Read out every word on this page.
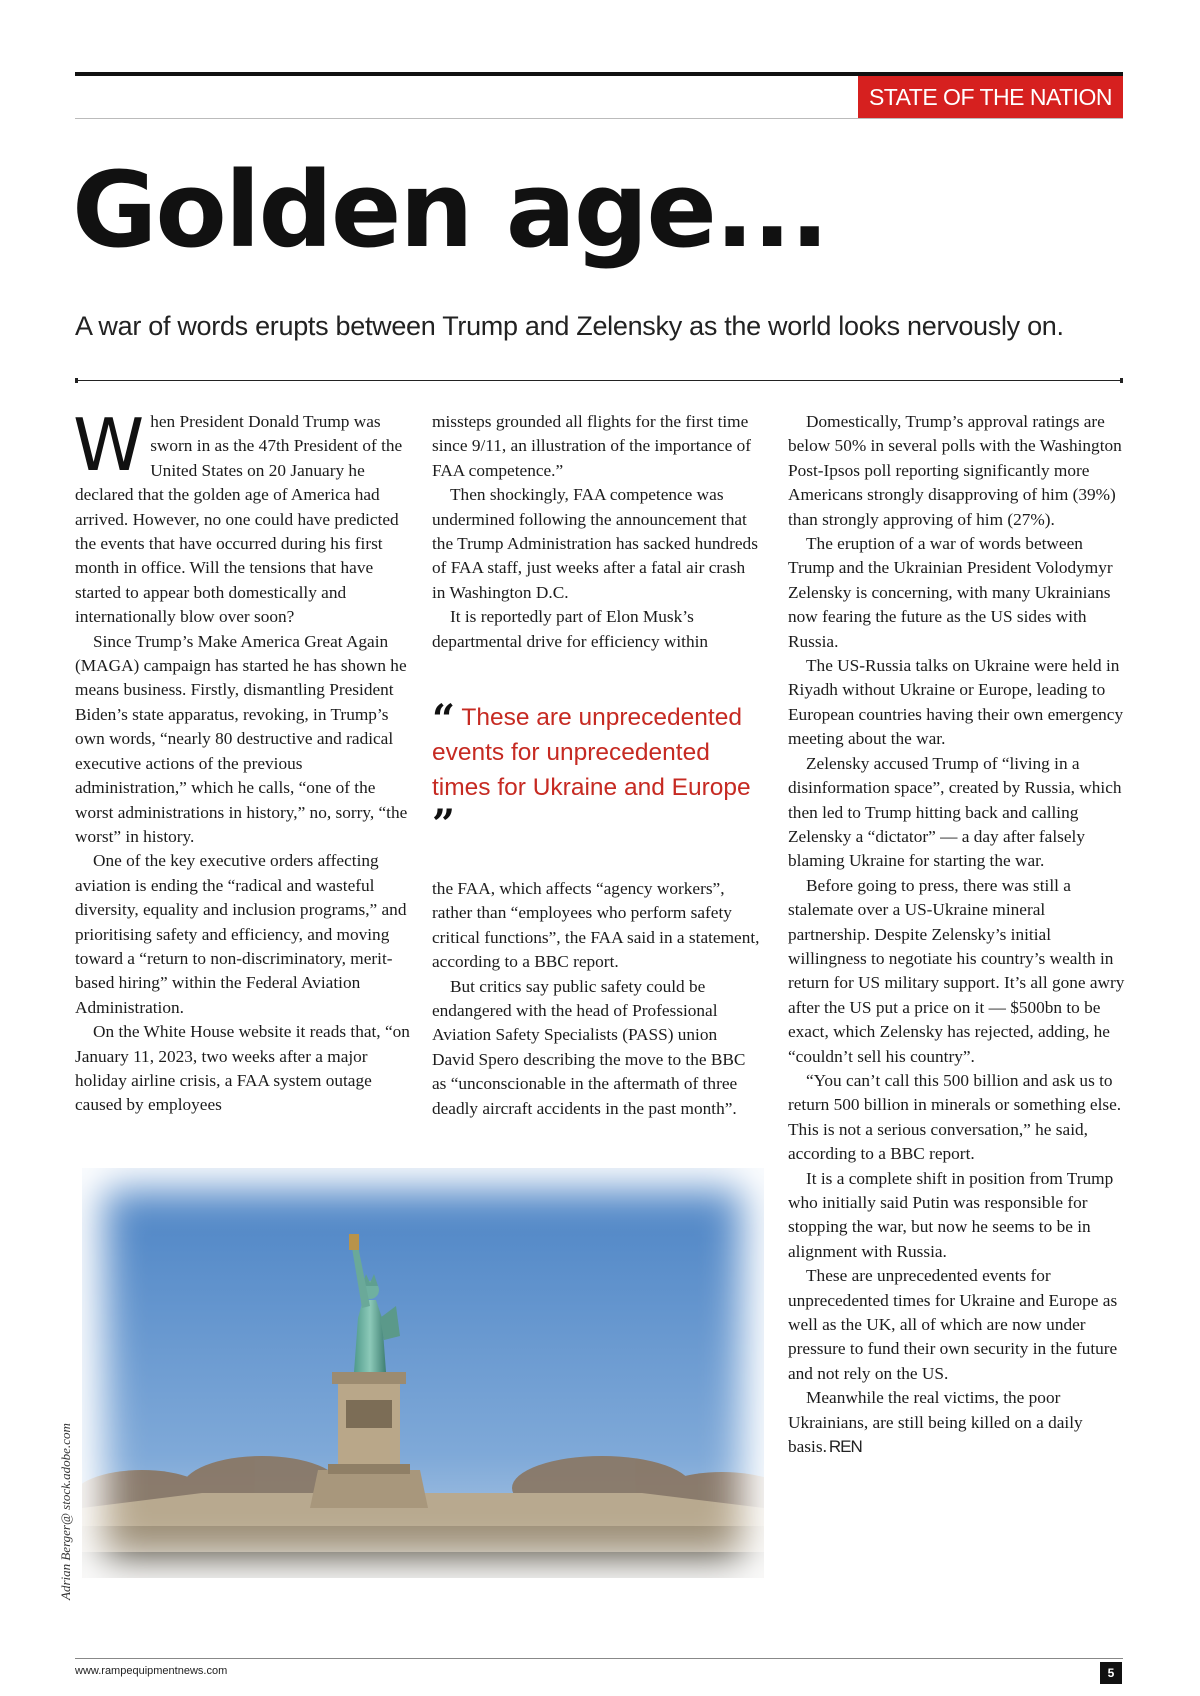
STATE OF THE NATION
Golden age...

A war of words erupts between Trump and Zelensky as the world looks nervously on.

When President Donald Trump was sworn in as the 47th President of the United States on 20 January he declared that the golden age of America had arrived. However, no one could have predicted the events that have occurred during his first month in office. Will the tensions that have started to appear both domestically and internationally blow over soon?

Since Trump’s Make America Great Again (MAGA) campaign has started he has shown he means business. Firstly, dismantling President Biden’s state apparatus, revoking, in Trump’s own words, “nearly 80 destructive and radical executive actions of the previous administration,” which he calls, “one of the worst administrations in history,” no, sorry, “the worst” in history.

One of the key executive orders affecting aviation is ending the “radical and wasteful diversity, equality and inclusion programs,” and prioritising safety and efficiency, and moving toward a “return to non-discriminatory, merit-based hiring” within the Federal Aviation Administration.

On the White House website it reads that, “on January 11, 2023, two weeks after a major holiday airline crisis, a FAA system outage caused by employees

missteps grounded all flights for the first time since 9/11, an illustration of the importance of FAA competence.”

Then shockingly, FAA competence was undermined following the announcement that the Trump Administration has sacked hundreds of FAA staff, just weeks after a fatal air crash in Washington D.C.

It is reportedly part of Elon Musk’s departmental drive for efficiency within

“ These are unprecedented events for unprecedented times for Ukraine and Europe ”

the FAA, which affects “agency workers”, rather than “employees who perform safety critical functions”, the FAA said in a statement, according to a BBC report.

But critics say public safety could be endangered with the head of Professional Aviation Safety Specialists (PASS) union David Spero describing the move to the BBC as “unconscionable in the aftermath of three deadly aircraft accidents in the past month”.

Domestically, Trump’s approval ratings are below 50% in several polls with the Washington Post-Ipsos poll reporting significantly more Americans strongly disapproving of him (39%) than strongly approving of him (27%).

The eruption of a war of words between Trump and the Ukrainian President Volodymyr Zelensky is concerning, with many Ukrainians now fearing the future as the US sides with Russia.

The US-Russia talks on Ukraine were held in Riyadh without Ukraine or Europe, leading to European countries having their own emergency meeting about the war.

Zelensky accused Trump of “living in a disinformation space”, created by Russia, which then led to Trump hitting back and calling Zelensky a “dictator” — a day after falsely blaming Ukraine for starting the war.

Before going to press, there was still a stalemate over a US-Ukraine mineral partnership. Despite Zelensky’s initial willingness to negotiate his country’s wealth in return for US military support. It’s all gone awry after the US put a price on it — $500bn to be exact, which Zelensky has rejected, adding, he “couldn’t sell his country”.

“You can’t call this 500 billion and ask us to return 500 billion in minerals or something else. This is not a serious conversation,” he said, according to a BBC report.

It is a complete shift in position from Trump who initially said Putin was responsible for stopping the war, but now he seems to be in alignment with Russia.

These are unprecedented events for unprecedented times for Ukraine and Europe as well as the UK, all of which are now under pressure to fund their own security in the future and not rely on the US.

Meanwhile the real victims, the poor Ukrainians, are still being killed on a daily basis. REN

Adrian Berger@ stock.adobe.com
www.rampequipmentnews.com	5
